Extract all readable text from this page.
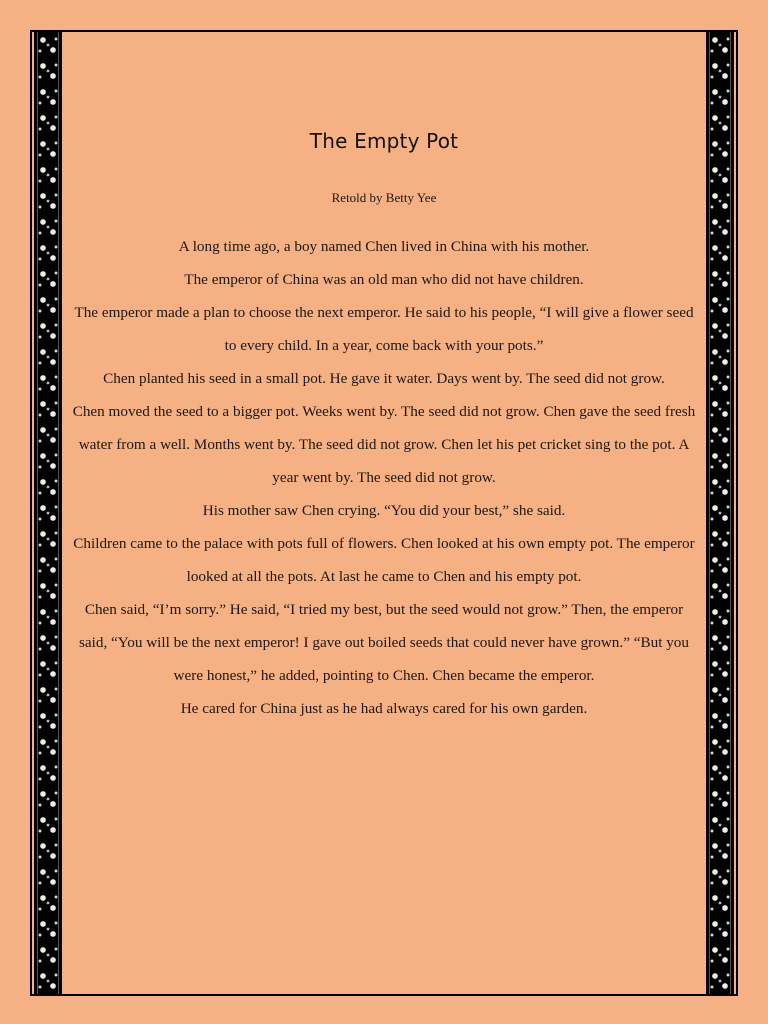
The Empty Pot
Retold by Betty Yee

A long time ago, a boy named Chen lived in China with his mother.

The emperor of China was an old man who did not have children.

The emperor made a plan to choose the next emperor. He said to his people, “I will give a flower seed to every child. In a year, come back with your pots.”

Chen planted his seed in a small pot. He gave it water. Days went by. The seed did not grow.

Chen moved the seed to a bigger pot. Weeks went by. The seed did not grow. Chen gave the seed fresh water from a well. Months went by. The seed did not grow. Chen let his pet cricket sing to the pot. A year went by. The seed did not grow.

His mother saw Chen crying. “You did your best,” she said.

Children came to the palace with pots full of flowers. Chen looked at his own empty pot. The emperor looked at all the pots. At last he came to Chen and his empty pot.

Chen said, “I’m sorry.” He said, “I tried my best, but the seed would not grow.” Then, the emperor said, “You will be the next emperor! I gave out boiled seeds that could never have grown.” “But you were honest,” he added, pointing to Chen. Chen became the emperor.

He cared for China just as he had always cared for his own garden.
